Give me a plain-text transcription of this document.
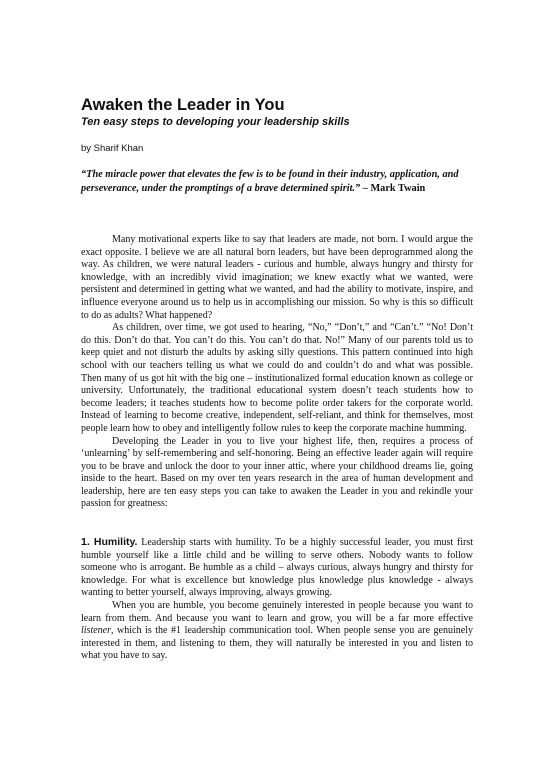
Awaken the Leader in You
Ten easy steps to developing your leadership skills
by Sharif Khan

“The miracle power that elevates the few is to be found in their industry, application, and perseverance, under the promptings of a brave determined spirit.” – Mark Twain

Many motivational experts like to say that leaders are made, not born. I would argue the exact opposite. I believe we are all natural born leaders, but have been deprogrammed along the way. As children, we were natural leaders - curious and humble, always hungry and thirsty for knowledge, with an incredibly vivid imagination; we knew exactly what we wanted, were persistent and determined in getting what we wanted, and had the ability to motivate, inspire, and influence everyone around us to help us in accomplishing our mission. So why is this so difficult to do as adults? What happened?

As children, over time, we got used to hearing, “No,” “Don’t,” and “Can’t.” “No! Don’t do this. Don’t do that. You can’t do this. You can’t do that. No!” Many of our parents told us to keep quiet and not disturb the adults by asking silly questions. This pattern continued into high school with our teachers telling us what we could do and couldn’t do and what was possible. Then many of us got hit with the big one – institutionalized formal education known as college or university. Unfortunately, the traditional educational system doesn’t teach students how to become leaders; it teaches students how to become polite order takers for the corporate world. Instead of learning to become creative, independent, self-reliant, and think for themselves, most people learn how to obey and intelligently follow rules to keep the corporate machine humming.

Developing the Leader in you to live your highest life, then, requires a process of ‘unlearning’ by self-remembering and self-honoring. Being an effective leader again will require you to be brave and unlock the door to your inner attic, where your childhood dreams lie, going inside to the heart. Based on my over ten years research in the area of human development and leadership, here are ten easy steps you can take to awaken the Leader in you and rekindle your passion for greatness:

1. Humility. Leadership starts with humility. To be a highly successful leader, you must first humble yourself like a little child and be willing to serve others. Nobody wants to follow someone who is arrogant. Be humble as a child – always curious, always hungry and thirsty for knowledge. For what is excellence but knowledge plus knowledge plus knowledge - always wanting to better yourself, always improving, always growing.

When you are humble, you become genuinely interested in people because you want to learn from them. And because you want to learn and grow, you will be a far more effective listener, which is the #1 leadership communication tool. When people sense you are genuinely interested in them, and listening to them, they will naturally be interested in you and listen to what you have to say.
